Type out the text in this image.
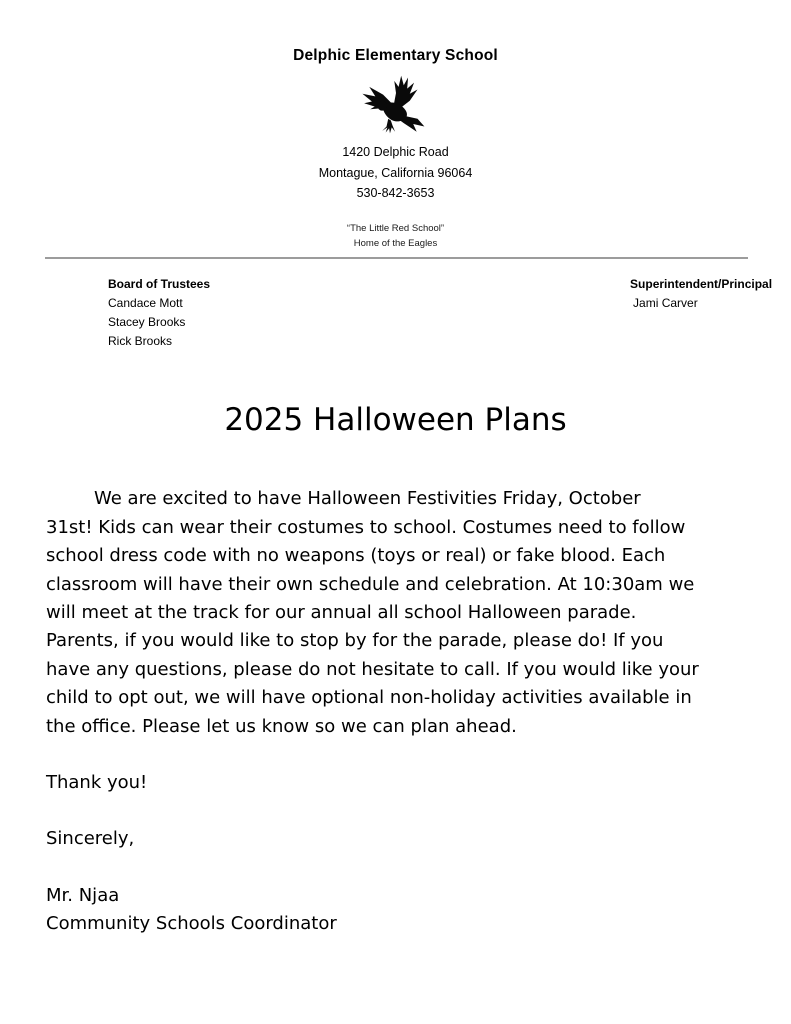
Delphic Elementary School
1420 Delphic Road
Montague, California 96064
530-842-3653
“The Little Red School”
Home of the Eagles
Board of Trustees
Candace Mott
Stacey Brooks
Rick Brooks
Superintendent/Principal
Jami Carver
2025 Halloween Plans
We are excited to have Halloween Festivities Friday, October
31st! Kids can wear their costumes to school. Costumes need to follow
school dress code with no weapons (toys or real) or fake blood. Each
classroom will have their own schedule and celebration. At 10:30am we
will meet at the track for our annual all school Halloween parade.
Parents, if you would like to stop by for the parade, please do! If you
have any questions, please do not hesitate to call. If you would like your
child to opt out, we will have optional non-holiday activities available in
the office. Please let us know so we can plan ahead.
Thank you!
Sincerely,
Mr. Njaa
Community Schools Coordinator
